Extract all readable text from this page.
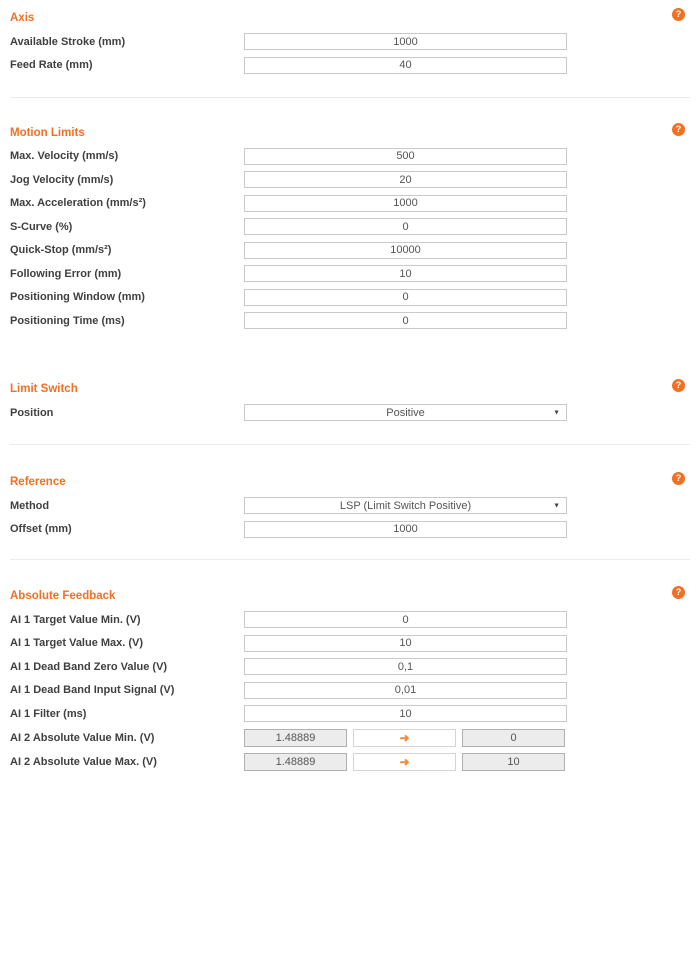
Axis	?
Available Stroke (mm)
1000
Feed Rate (mm)
40
Motion Limits	?
Max. Velocity (mm/s)
500
Jog Velocity (mm/s)
20
Max. Acceleration (mm/s²)
1000
S-Curve (%)
0
Quick-Stop (mm/s²)
10000
Following Error (mm)
10
Positioning Window (mm)
0
Positioning Time (ms)
0
Limit Switch	?
Position	Positive	▼
Reference	?
Method	LSP (Limit Switch Positive)	▼
Offset (mm)
1000
Absolute Feedback	?
AI 1 Target Value Min. (V)
0
AI 1 Target Value Max. (V)
10
AI 1 Dead Band Zero Value (V)
0,1
AI 1 Dead Band Input Signal (V)
0,01
AI 1 Filter (ms)
10
AI 2 Absolute Value Min. (V)	1.48889	➜	0
AI 2 Absolute Value Max. (V)	1.48889	➜	10
